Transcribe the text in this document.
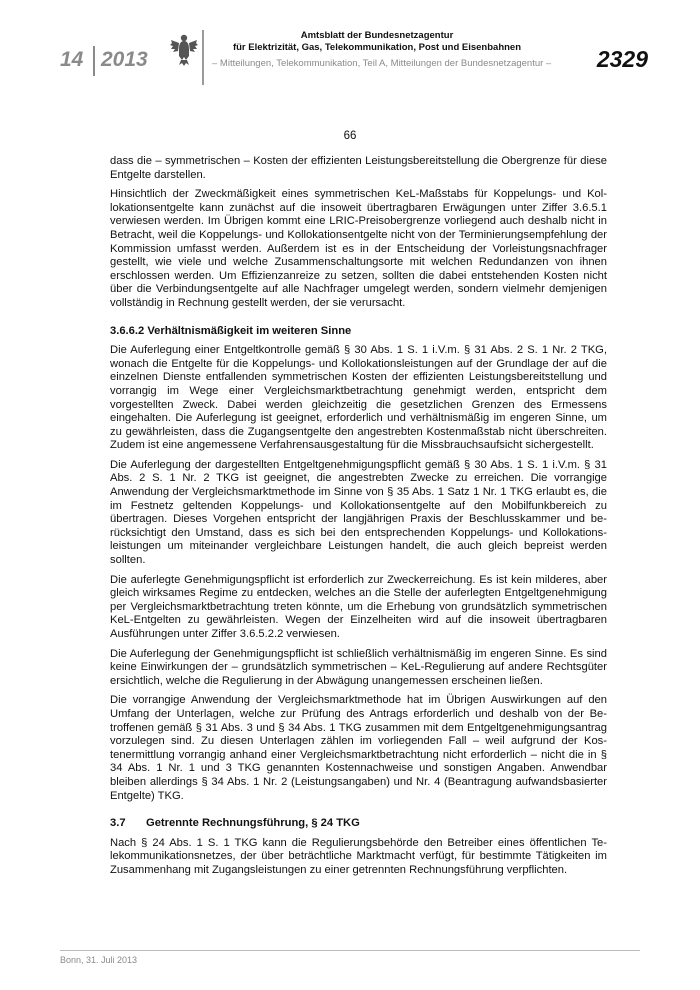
14 2013
Amtsblatt der Bundesnetzagentur
für Elektrizität, Gas, Telekommunikation, Post und Eisenbahnen
– Mitteilungen, Telekommunikation, Teil A, Mitteilungen der Bundesnetzagentur – 2329
66

dass die – symmetrischen – Kosten der effizienten Leistungsbereitstellung die Obergrenze für diese Entgelte darstellen.

Hinsichtlich der Zweckmäßigkeit eines symmetrischen KeL-Maßstabs für Koppelungs- und Kollokationsentgelte kann zunächst auf die insoweit übertragbaren Erwägungen unter Ziffer 3.6.5.1 verwiesen werden. Im Übrigen kommt eine LRIC-Preisobergrenze vorliegend auch deshalb nicht in Betracht, weil die Koppelungs- und Kollokationsentgelte nicht von der Terminierungsempfehlung der Kommission umfasst werden. Außerdem ist es in der Entscheidung der Vorleistungsnachfrager gestellt, wie viele und welche Zusammenschaltungsorte mit welchen Redundanzen von ihnen erschlossen werden. Um Effizienzanreize zu setzen, sollten die dabei entstehenden Kosten nicht über die Verbindungsentgelte auf alle Nachfrager umgelegt werden, sondern vielmehr demjenigen vollständig in Rechnung gestellt werden, der sie verursacht.

3.6.6.2 Verhältnismäßigkeit im weiteren Sinne

Die Auferlegung einer Entgeltkontrolle gemäß § 30 Abs. 1 S. 1 i.V.m. § 31 Abs. 2 S. 1 Nr. 2 TKG, wonach die Entgelte für die Koppelungs- und Kollokationsleistungen auf der Grundlage der auf die einzelnen Dienste entfallenden symmetrischen Kosten der effizienten Leistungsbereitstellung und vorrangig im Wege einer Vergleichsmarktbetrachtung genehmigt werden, entspricht dem vorgestellten Zweck. Dabei werden gleichzeitig die gesetzlichen Grenzen des Ermessens eingehalten. Die Auferlegung ist geeignet, erforderlich und verhältnismäßig im engeren Sinne, um zu gewährleisten, dass die Zugangsentgelte den angestrebten Kostenmaßstab nicht überschreiten. Zudem ist eine angemessene Verfahrensausgestaltung für die Missbrauchsaufsicht sichergestellt.

Die Auferlegung der dargestellten Entgeltgenehmigungspflicht gemäß § 30 Abs. 1 S. 1 i.V.m. § 31 Abs. 2 S. 1 Nr. 2 TKG ist geeignet, die angestrebten Zwecke zu erreichen. Die vorrangige Anwendung der Vergleichsmarktmethode im Sinne von § 35 Abs. 1 Satz 1 Nr. 1 TKG erlaubt es, die im Festnetz geltenden Koppelungs- und Kollokationsentgelte auf den Mobilfunkbereich zu übertragen. Dieses Vorgehen entspricht der langjährigen Praxis der Beschlusskammer und berücksichtigt den Umstand, dass es sich bei den entsprechenden Koppelungs- und Kollokationsleistungen um miteinander vergleichbare Leistungen handelt, die auch gleich bepreist werden sollten.

Die auferlegte Genehmigungspflicht ist erforderlich zur Zweckerreichung. Es ist kein milderes, aber gleich wirksames Regime zu entdecken, welches an die Stelle der auferlegten Entgeltgenehmigung per Vergleichsmarktbetrachtung treten könnte, um die Erhebung von grundsätzlich symmetrischen KeL-Entgelten zu gewährleisten. Wegen der Einzelheiten wird auf die insoweit übertragbaren Ausführungen unter Ziffer 3.6.5.2.2 verwiesen.

Die Auferlegung der Genehmigungspflicht ist schließlich verhältnismäßig im engeren Sinne. Es sind keine Einwirkungen der – grundsätzlich symmetrischen – KeL-Regulierung auf andere Rechtsgüter ersichtlich, welche die Regulierung in der Abwägung unangemessen erscheinen ließen.

Die vorrangige Anwendung der Vergleichsmarktmethode hat im Übrigen Auswirkungen auf den Umfang der Unterlagen, welche zur Prüfung des Antrags erforderlich und deshalb von der Betroffenen gemäß § 31 Abs. 3 und § 34 Abs. 1 TKG zusammen mit dem Entgeltgenehmigungsantrag vorzulegen sind. Zu diesen Unterlagen zählen im vorliegenden Fall – weil aufgrund der Kostenermittlung vorrangig anhand einer Vergleichsmarktbetrachtung nicht erforderlich – nicht die in § 34 Abs. 1 Nr. 1 und 3 TKG genannten Kostennachweise und sonstigen Angaben. Anwendbar bleiben allerdings § 34 Abs. 1 Nr. 2 (Leistungsangaben) und Nr. 4 (Beantragung aufwandsbasierter Entgelte) TKG.

3.7 Getrennte Rechnungsführung, § 24 TKG

Nach § 24 Abs. 1 S. 1 TKG kann die Regulierungsbehörde den Betreiber eines öffentlichen Telekommunikationsnetzes, der über beträchtliche Marktmacht verfügt, für bestimmte Tätigkeiten im Zusammenhang mit Zugangsleistungen zu einer getrennten Rechnungsführung verpflichten.

Bonn, 31. Juli 2013
